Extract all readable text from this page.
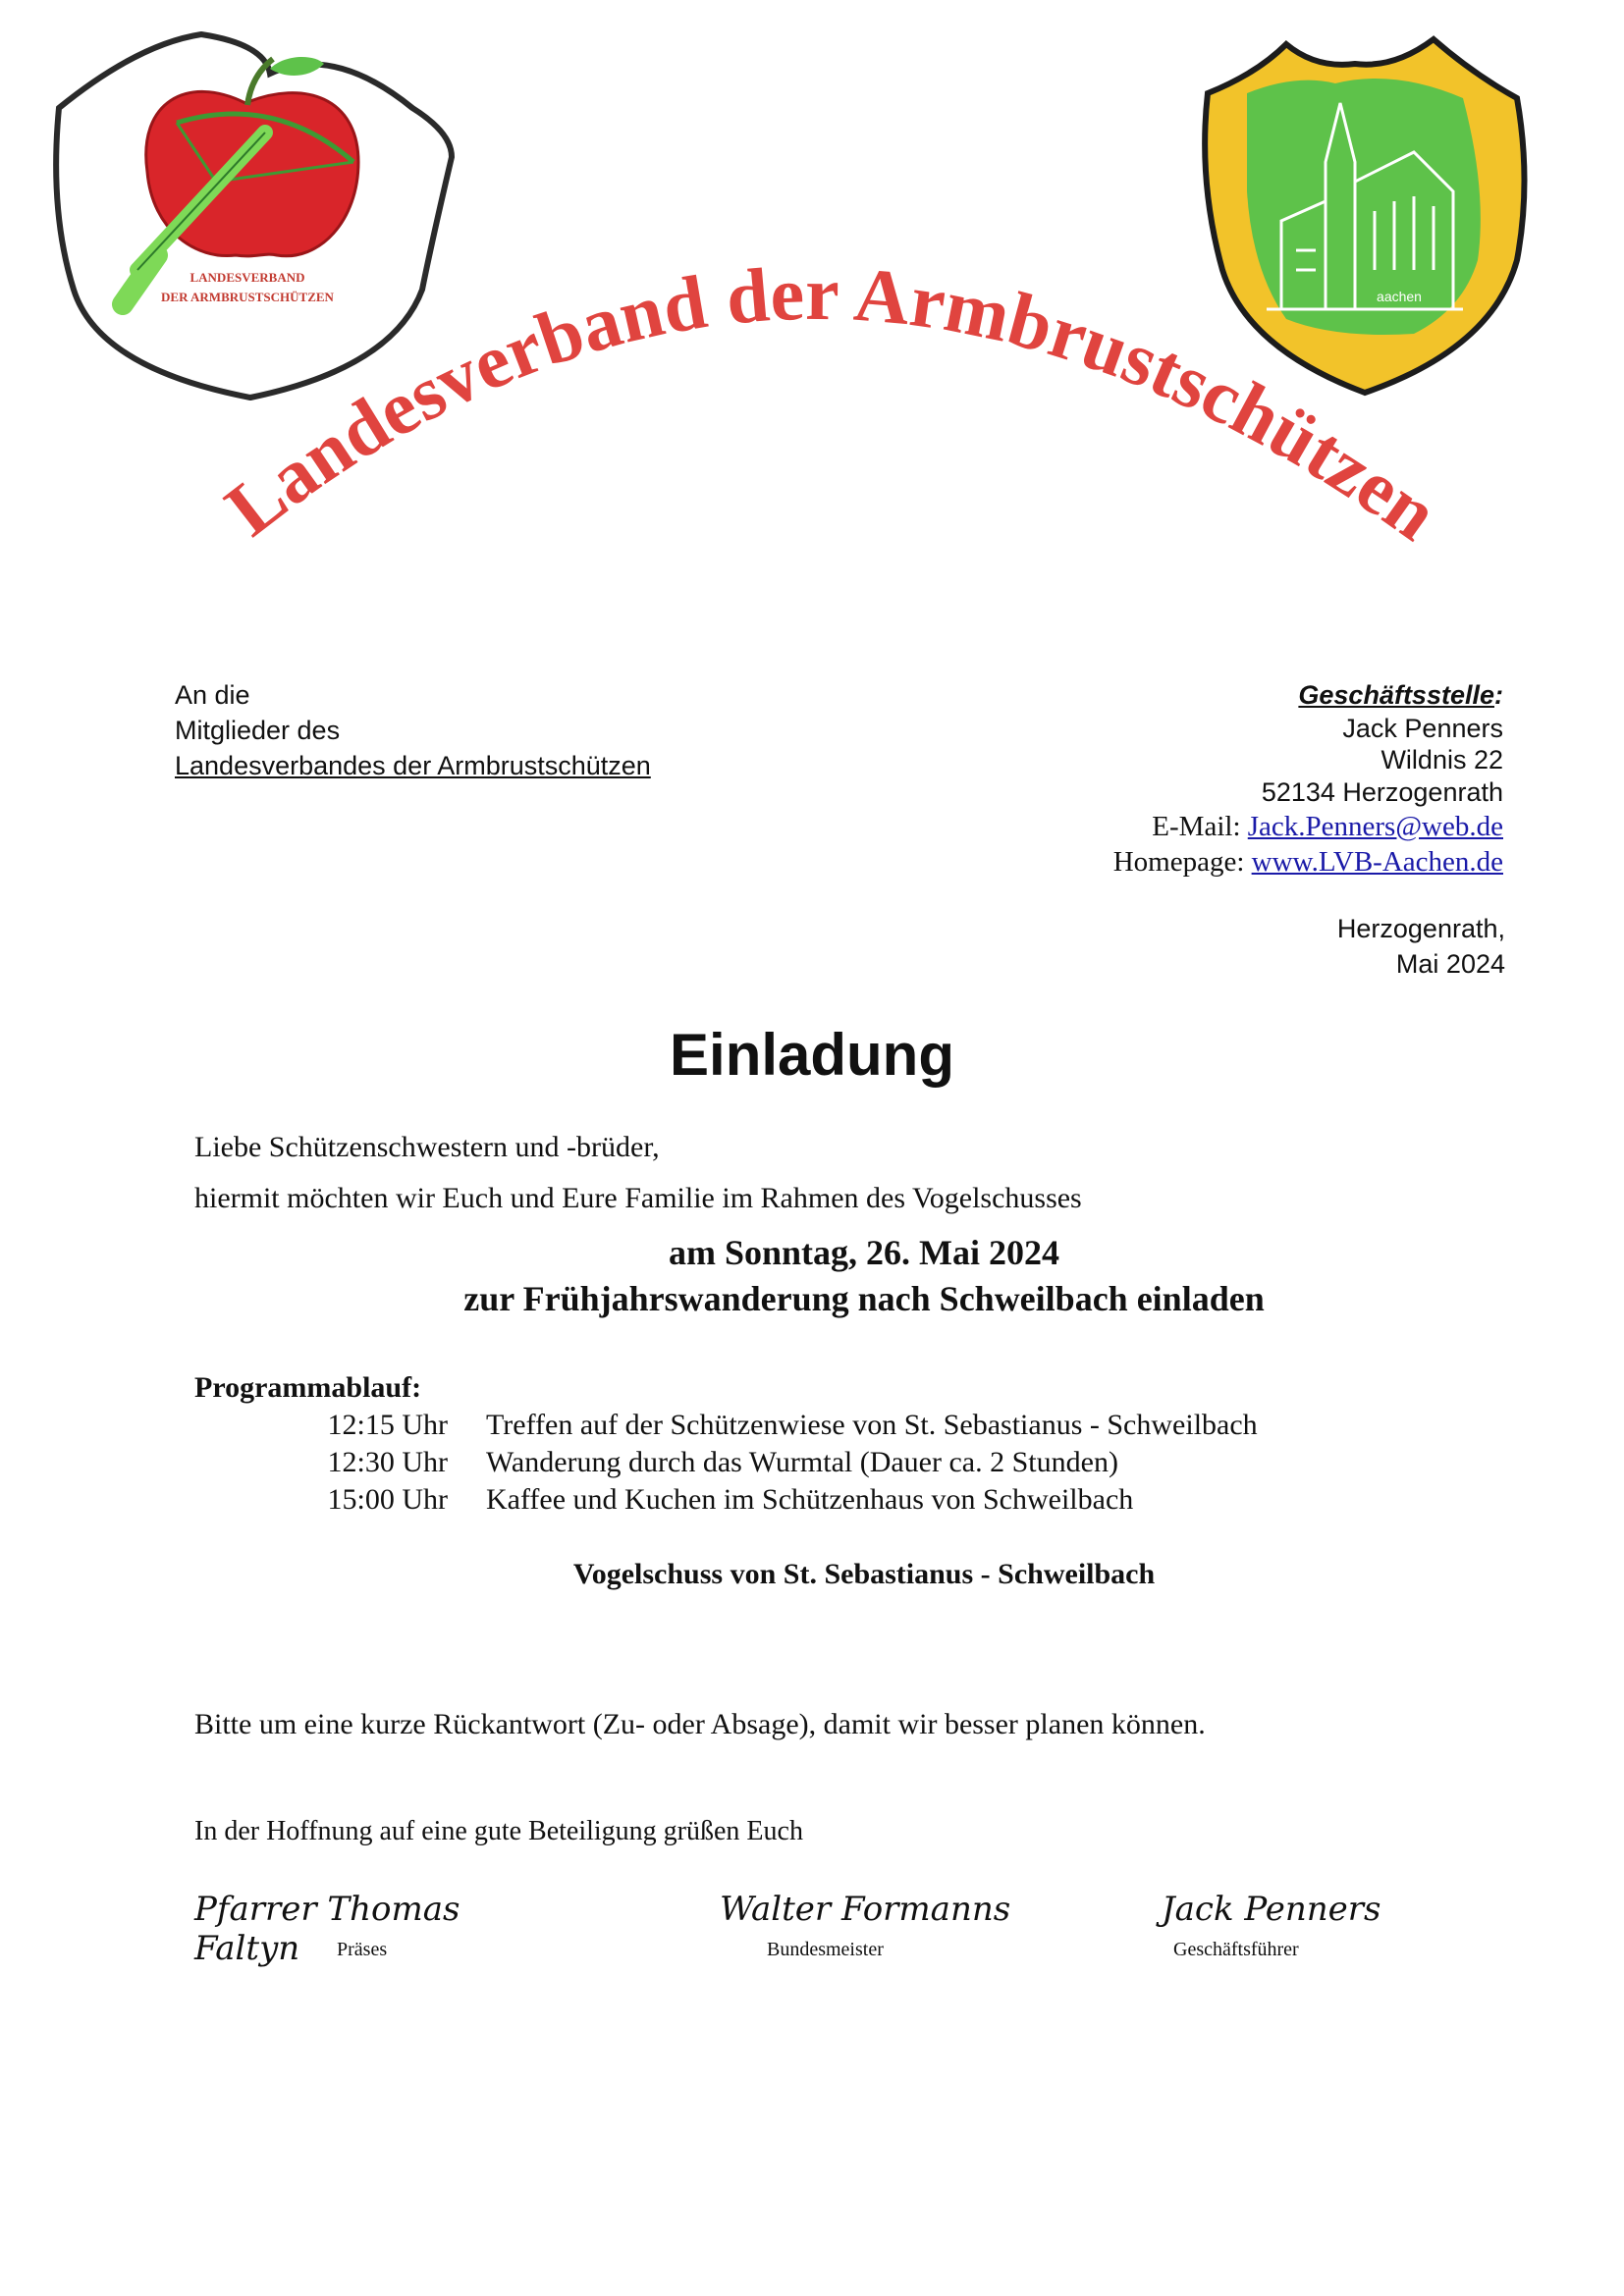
LANDESVERBAND
DER ARMBRUSTSCHÜTZEN	aachen
Landesverband der Armbrustschützen
An die
Mitglieder des
Landesverbandes der Armbrustschützen
Geschäftsstelle:
Jack Penners
Wildnis 22
52134 Herzogenrath
E-Mail: Jack.Penners@web.de
Homepage: www.LVB-Aachen.de
Herzogenrath,
Mai 2024
Einladung
Liebe Schützenschwestern und -brüder,
hiermit möchten wir Euch und Eure Familie im Rahmen des Vogelschusses
am Sonntag, 26. Mai 2024
zur Frühjahrswanderung nach Schweilbach einladen
Programmablauf:
12:15 Uhr Treffen auf der Schützenwiese von St. Sebastianus - Schweilbach
12:30 Uhr Wanderung durch das Wurmtal (Dauer ca. 2 Stunden)
15:00 Uhr Kaffee und Kuchen im Schützenhaus von Schweilbach
Vogelschuss von St. Sebastianus - Schweilbach
Bitte um eine kurze Rückantwort (Zu- oder Absage), damit wir besser planen können.
In der Hoffnung auf eine gute Beteiligung grüßen Euch
Pfarrer Thomas Faltyn	Präses
Walter Formanns
Bundesmeister
Jack Penners
Geschäftsführer
